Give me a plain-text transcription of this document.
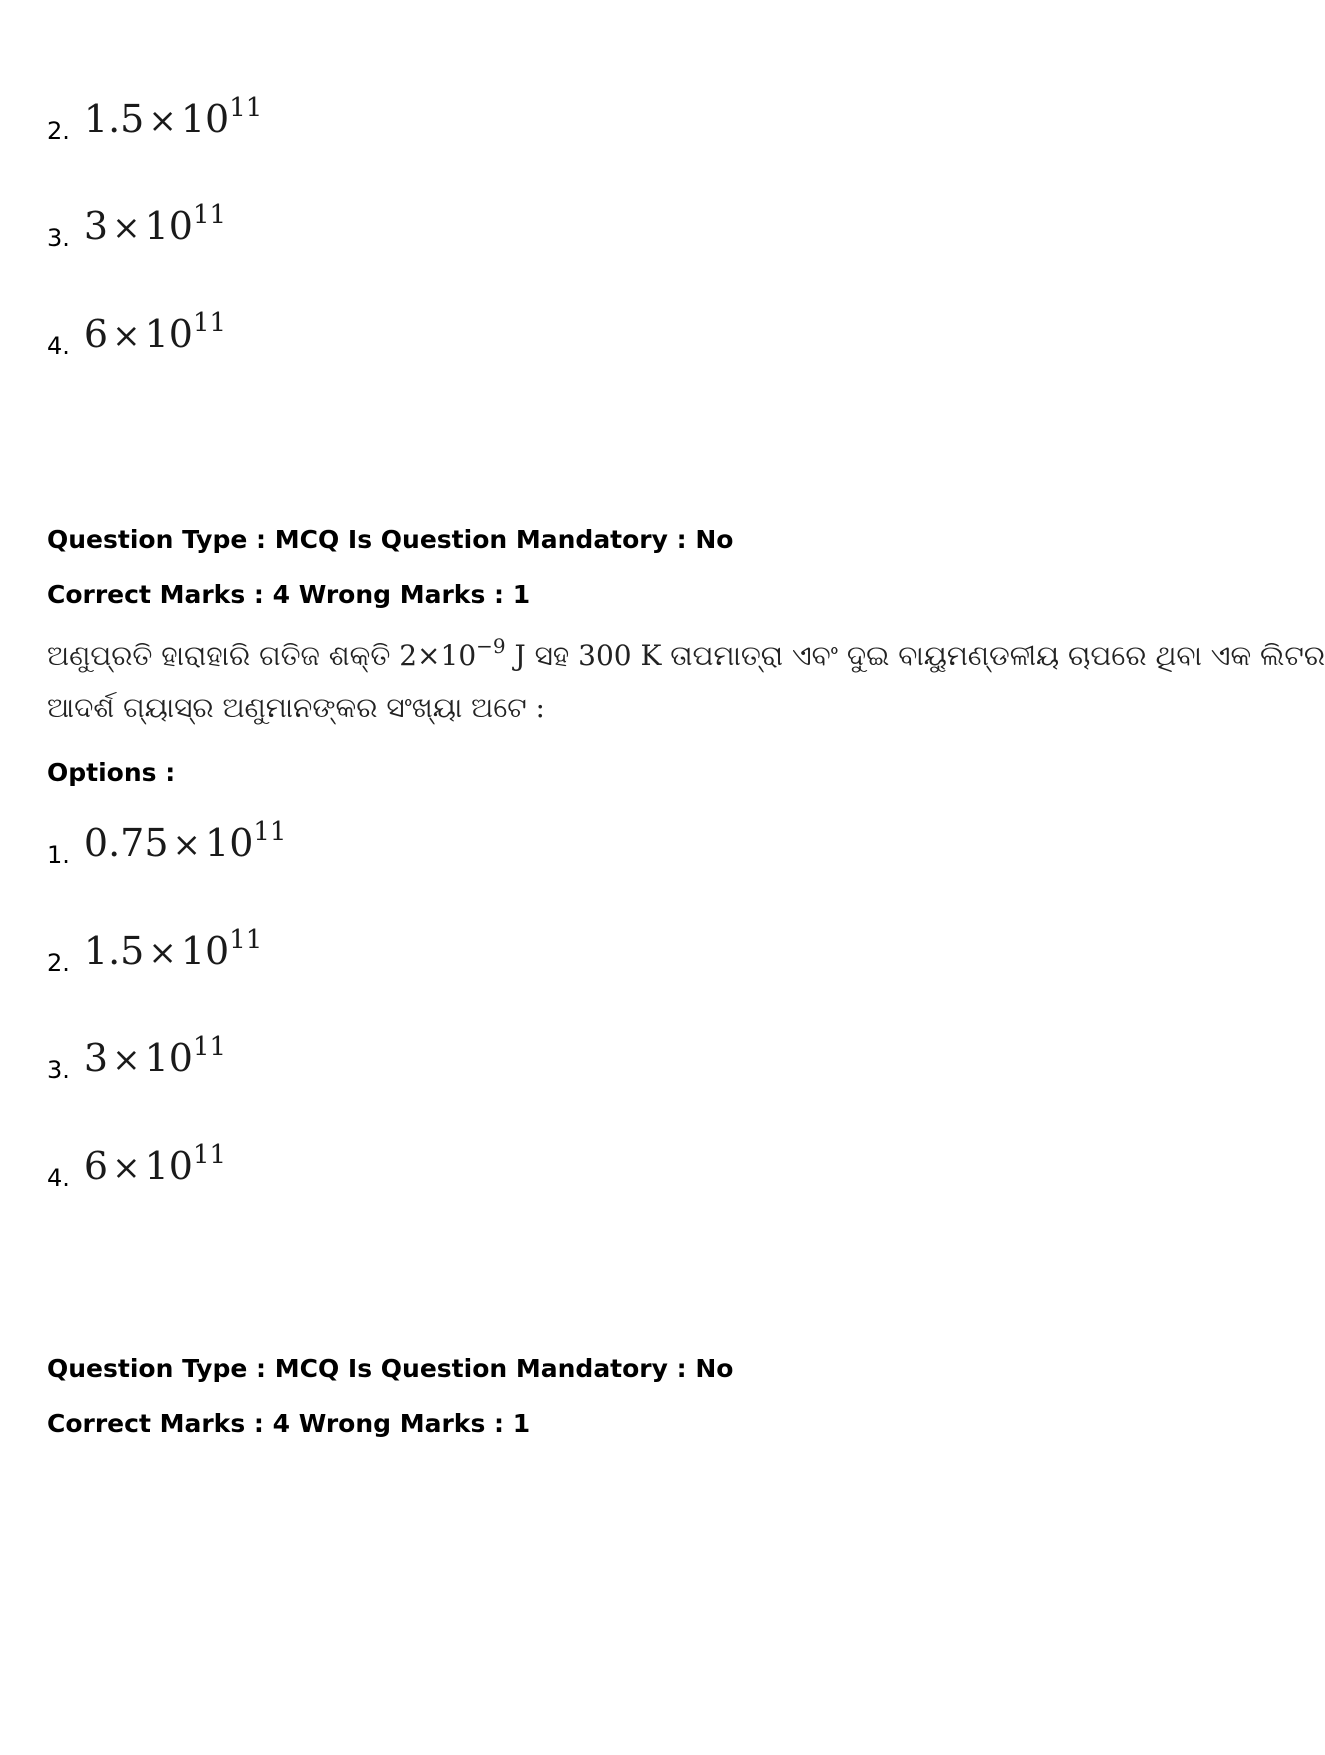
2. $1.5 \times 10^{11}$
3. $3 \times 10^{11}$
4. $6 \times 10^{11}$
Question Type : MCQ Is Question Mandatory : No
Correct Marks : 4 Wrong Marks : 1
ଅଣୁପ୍ରତି ହାରାହାରି ଗତିଜ ଶକ୍ତି $2\times 10^{-9}$ J ସହ 300 K ତାପମାତ୍ରା ଏବଂ ଦୁଇ ବାୟୁମଣ୍ଡଳୀୟ ଚାପରେ ଥିବା ଏକ ଲିଟର
ଆଦର୍ଶ ଗ୍ୟାସ୍‌ର ଅଣୁମାନଙ୍କର ସଂଖ୍ୟା ଅଟେ :
Options :
1. $0.75 \times 10^{11}$
2. $1.5 \times 10^{11}$
3. $3 \times 10^{11}$
4. $6 \times 10^{11}$
Question Type : MCQ Is Question Mandatory : No
Correct Marks : 4 Wrong Marks : 1
